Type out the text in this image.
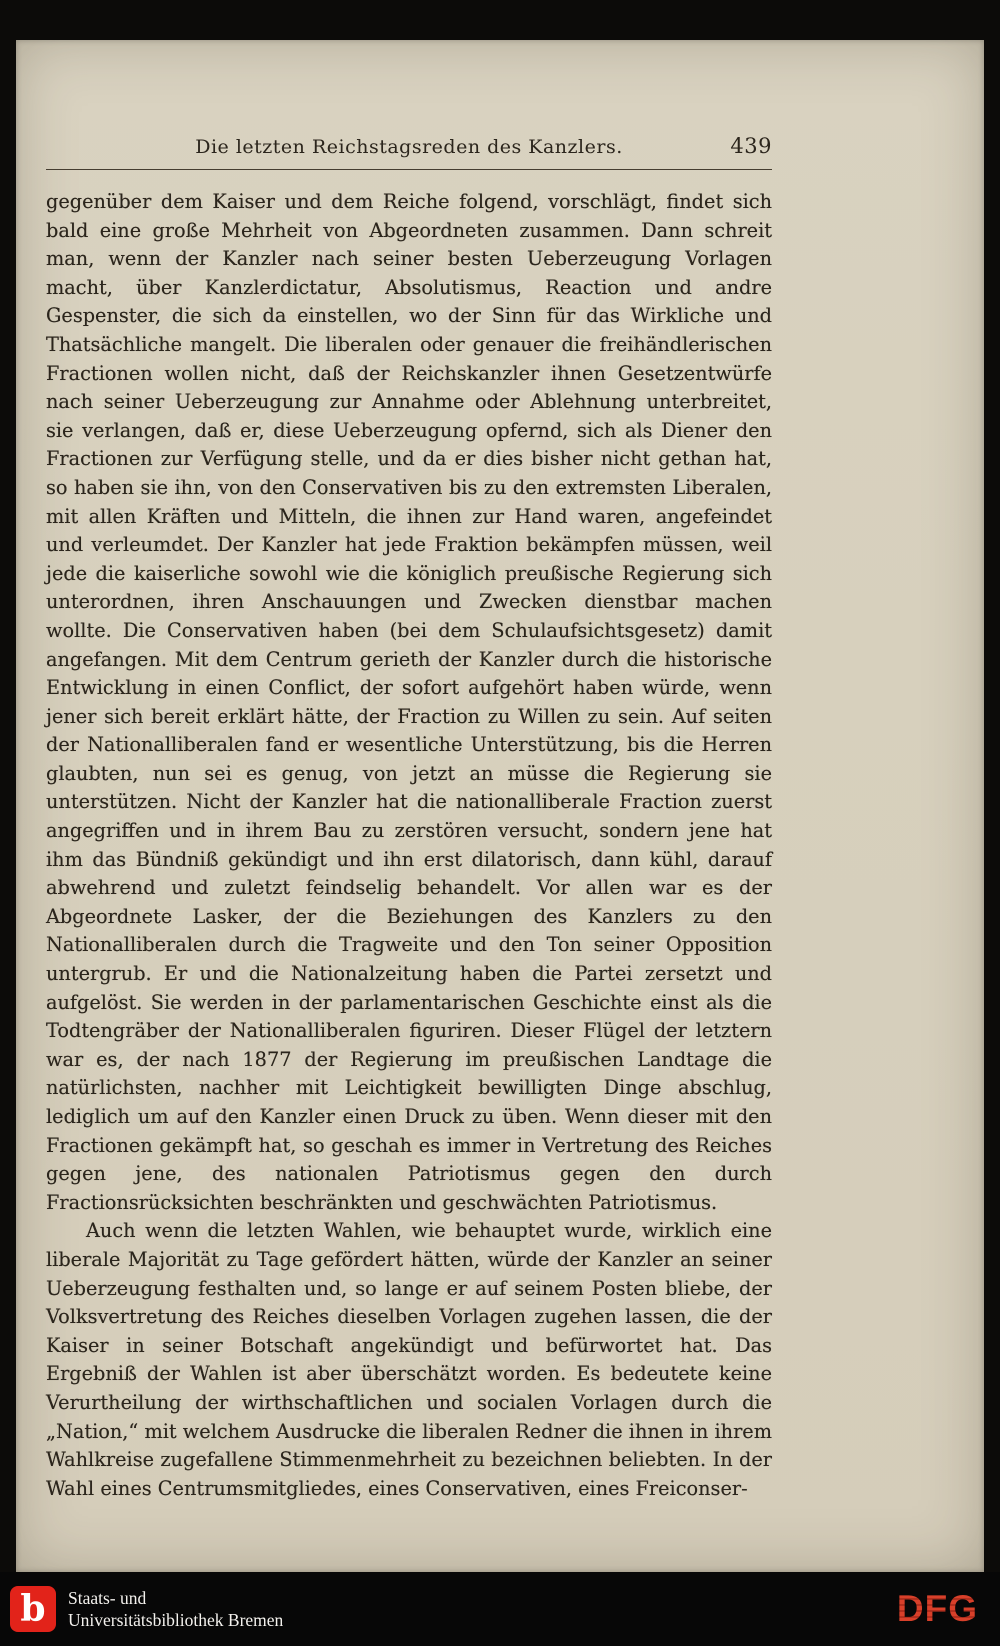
Die letzten Reichstagsreden des Kanzlers.	439

gegenüber dem Kaiser und dem Reiche folgend, vorschlägt, findet sich bald eine große Mehrheit von Abgeordneten zusammen. Dann schreit man, wenn der Kanzler nach seiner besten Ueberzeugung Vorlagen macht, über Kanzlerdictatur, Absolutismus, Reaction und andre Gespenster, die sich da einstellen, wo der Sinn für das Wirkliche und Thatsächliche mangelt. Die liberalen oder genauer die freihändlerischen Fractionen wollen nicht, daß der Reichskanzler ihnen Gesetzentwürfe nach seiner Ueberzeugung zur Annahme oder Ablehnung unterbreitet, sie verlangen, daß er, diese Ueberzeugung opfernd, sich als Diener den Fractionen zur Verfügung stelle, und da er dies bisher nicht gethan hat, so haben sie ihn, von den Conservativen bis zu den extremsten Liberalen, mit allen Kräften und Mitteln, die ihnen zur Hand waren, angefeindet und verleumdet. Der Kanzler hat jede Fraktion bekämpfen müssen, weil jede die kaiserliche sowohl wie die königlich preußische Regierung sich unterordnen, ihren Anschauungen und Zwecken dienstbar machen wollte. Die Conservativen haben (bei dem Schulaufsichtsgesetz) damit angefangen. Mit dem Centrum gerieth der Kanzler durch die historische Entwicklung in einen Conflict, der sofort aufgehört haben würde, wenn jener sich bereit erklärt hätte, der Fraction zu Willen zu sein. Auf seiten der Nationalliberalen fand er wesentliche Unterstützung, bis die Herren glaubten, nun sei es genug, von jetzt an müsse die Regierung sie unterstützen. Nicht der Kanzler hat die nationalliberale Fraction zuerst angegriffen und in ihrem Bau zu zerstören versucht, sondern jene hat ihm das Bündniß gekündigt und ihn erst dilatorisch, dann kühl, darauf abwehrend und zuletzt feindselig behandelt. Vor allen war es der Abgeordnete Lasker, der die Beziehungen des Kanzlers zu den Nationalliberalen durch die Tragweite und den Ton seiner Opposition untergrub. Er und die Nationalzeitung haben die Partei zersetzt und aufgelöst. Sie werden in der parlamentarischen Geschichte einst als die Todtengräber der Nationalliberalen figuriren. Dieser Flügel der letztern war es, der nach 1877 der Regierung im preußischen Landtage die natürlichsten, nachher mit Leichtigkeit bewilligten Dinge abschlug, lediglich um auf den Kanzler einen Druck zu üben. Wenn dieser mit den Fractionen gekämpft hat, so geschah es immer in Vertretung des Reiches gegen jene, des nationalen Patriotismus gegen den durch Fractionsrücksichten beschränkten und geschwächten Patriotismus.

Auch wenn die letzten Wahlen, wie behauptet wurde, wirklich eine liberale Majorität zu Tage gefördert hätten, würde der Kanzler an seiner Ueberzeugung festhalten und, so lange er auf seinem Posten bliebe, der Volksvertretung des Reiches dieselben Vorlagen zugehen lassen, die der Kaiser in seiner Botschaft angekündigt und befürwortet hat. Das Ergebniß der Wahlen ist aber überschätzt worden. Es bedeutete keine Verurtheilung der wirthschaftlichen und socialen Vorlagen durch die „Nation,“ mit welchem Ausdrucke die liberalen Redner die ihnen in ihrem Wahlkreise zugefallene Stimmenmehrheit zu bezeichnen beliebten. In der Wahl eines Centrumsmitgliedes, eines Conservativen, eines Freiconser-

b	Staats- und
Universitätsbibliothek Bremen	DFG
